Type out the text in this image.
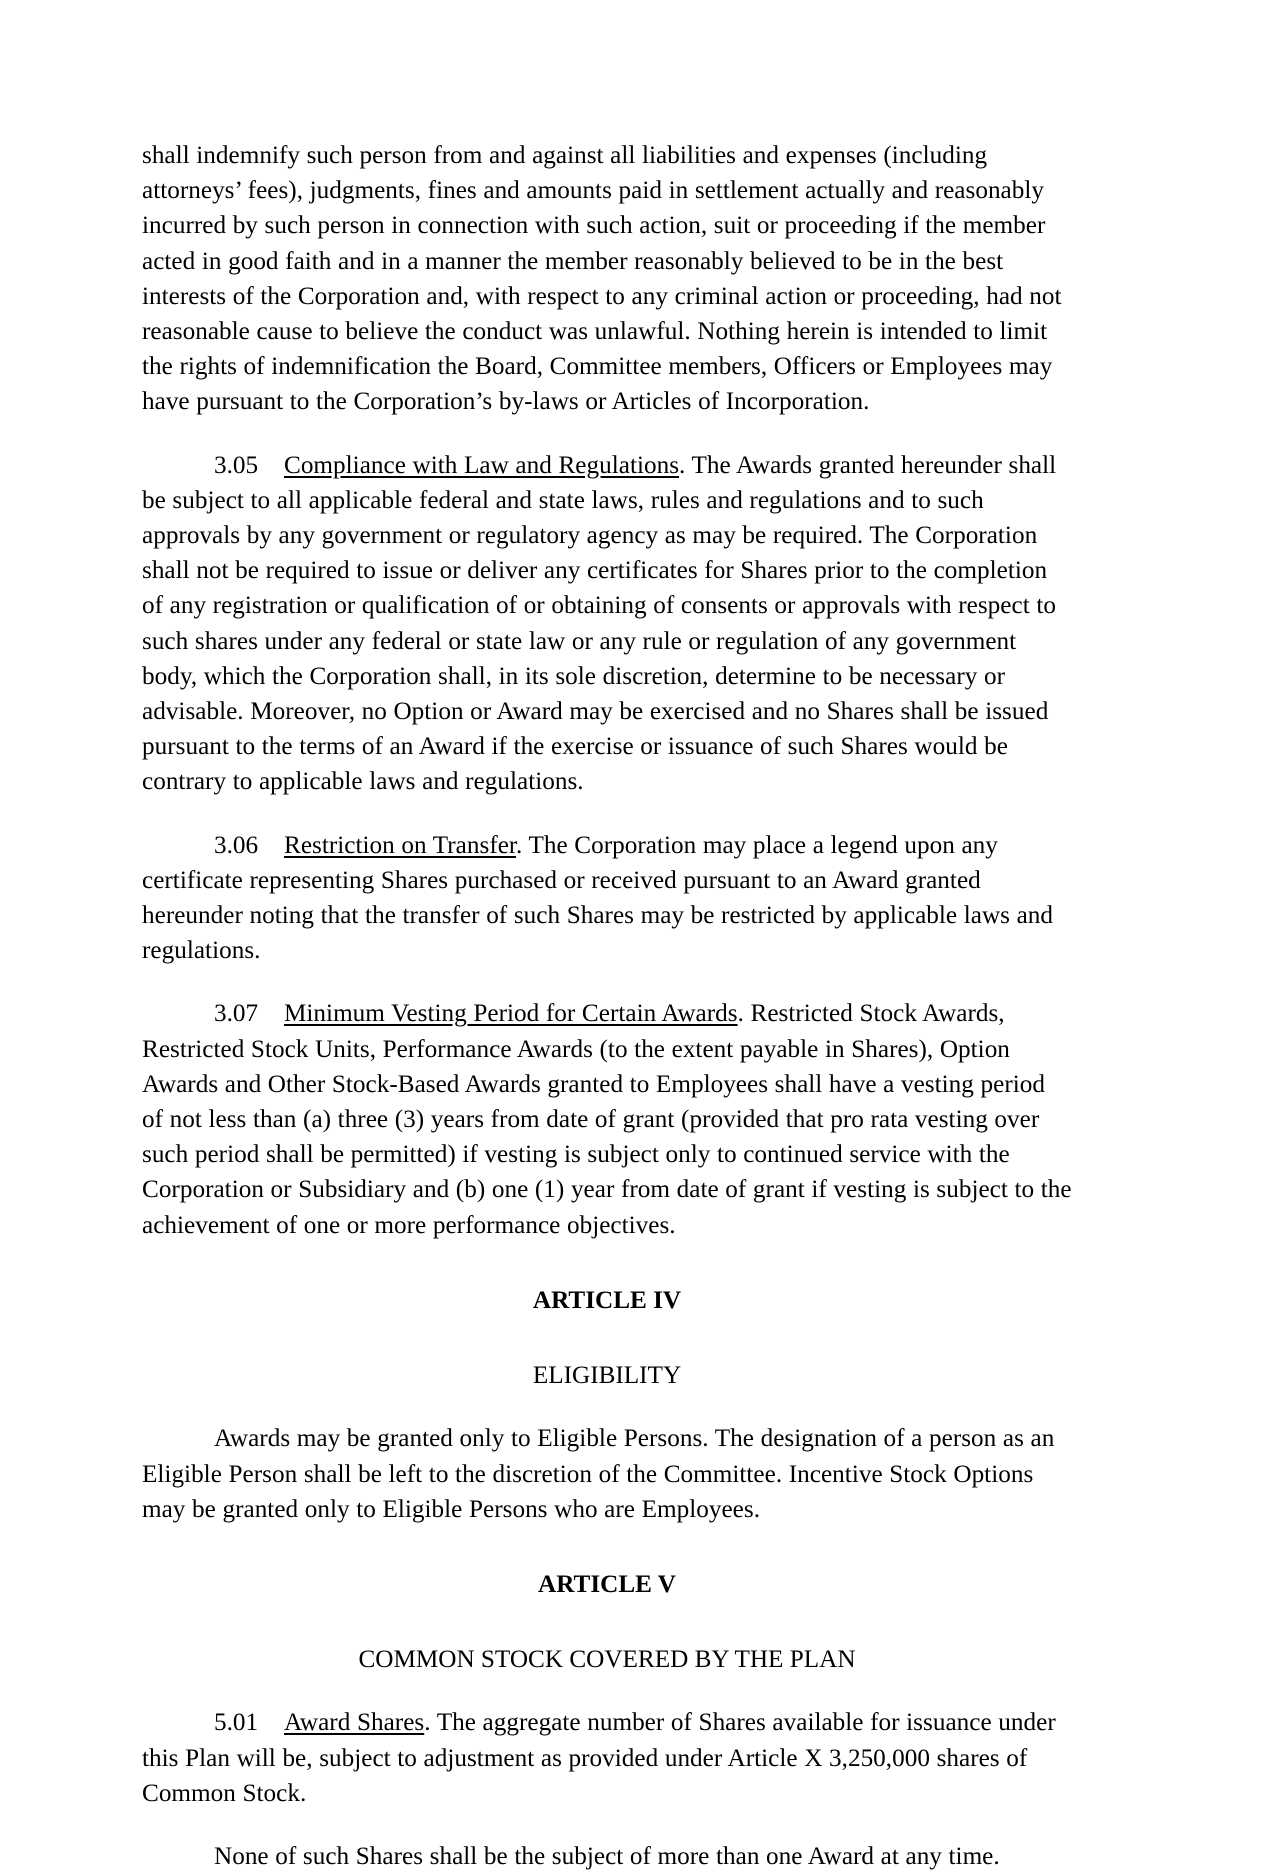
shall indemnify such person from and against all liabilities and expenses (including attorneys’ fees), judgments, fines and amounts paid in settlement actually and reasonably incurred by such person in connection with such action, suit or proceeding if the member acted in good faith and in a manner the member reasonably believed to be in the best interests of the Corporation and, with respect to any criminal action or proceeding, had not reasonable cause to believe the conduct was unlawful. Nothing herein is intended to limit the rights of indemnification the Board, Committee members, Officers or Employees may have pursuant to the Corporation’s by-laws or Articles of Incorporation.

3.05 Compliance with Law and Regulations. The Awards granted hereunder shall be subject to all applicable federal and state laws, rules and regulations and to such approvals by any government or regulatory agency as may be required. The Corporation shall not be required to issue or deliver any certificates for Shares prior to the completion of any registration or qualification of or obtaining of consents or approvals with respect to such shares under any federal or state law or any rule or regulation of any government body, which the Corporation shall, in its sole discretion, determine to be necessary or advisable. Moreover, no Option or Award may be exercised and no Shares shall be issued pursuant to the terms of an Award if the exercise or issuance of such Shares would be contrary to applicable laws and regulations.

3.06 Restriction on Transfer. The Corporation may place a legend upon any certificate representing Shares purchased or received pursuant to an Award granted hereunder noting that the transfer of such Shares may be restricted by applicable laws and regulations.

3.07 Minimum Vesting Period for Certain Awards. Restricted Stock Awards, Restricted Stock Units, Performance Awards (to the extent payable in Shares), Option Awards and Other Stock-Based Awards granted to Employees shall have a vesting period of not less than (a) three (3) years from date of grant (provided that pro rata vesting over such period shall be permitted) if vesting is subject only to continued service with the Corporation or Subsidiary and (b) one (1) year from date of grant if vesting is subject to the achievement of one or more performance objectives.

ARTICLE IV
ELIGIBILITY

Awards may be granted only to Eligible Persons. The designation of a person as an Eligible Person shall be left to the discretion of the Committee. Incentive Stock Options may be granted only to Eligible Persons who are Employees.

ARTICLE V
COMMON STOCK COVERED BY THE PLAN

5.01 Award Shares. The aggregate number of Shares available for issuance under this Plan will be, subject to adjustment as provided under Article X 3,250,000 shares of Common Stock.

None of such Shares shall be the subject of more than one Award at any time.
